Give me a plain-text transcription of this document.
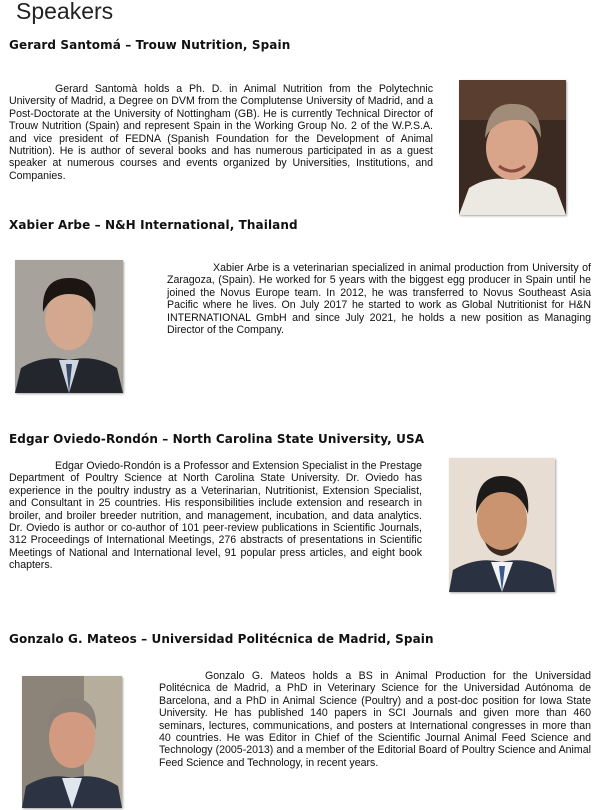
Speakers
Gerard Santomá – Trouw Nutrition, Spain

Gerard Santomà holds a Ph. D. in Animal Nutrition from the Polytechnic University of Madrid, a Degree on DVM from the Complutense University of Madrid, and a Post-Doctorate at the University of Nottingham (GB). He is currently Technical Director of Trouw Nutrition (Spain) and represent Spain in the Working Group No. 2 of the W.P.S.A. and vice president of FEDNA (Spanish Foundation for the Development of Animal Nutrition). He is author of several books and has numerous participated in as a guest speaker at numerous courses and events organized by Universities, Institutions, and Companies.

Xabier Arbe – N&H International, Thailand

Xabier Arbe is a veterinarian specialized in animal production from University of Zaragoza, (Spain). He worked for 5 years with the biggest egg producer in Spain until he joined the Novus Europe team. In 2012, he was transferred to Novus Southeast Asia Pacific where he lives. On July 2017 he started to work as Global Nutritionist for H&N INTERNATIONAL GmbH and since July 2021, he holds a new position as Managing Director of the Company.

Edgar Oviedo-Rondón – North Carolina State University, USA

Edgar Oviedo-Rondón is a Professor and Extension Specialist in the Prestage Department of Poultry Science at North Carolina State University. Dr. Oviedo has experience in the poultry industry as a Veterinarian, Nutritionist, Extension Specialist, and Consultant in 25 countries. His responsibilities include extension and research in broiler, and broiler breeder nutrition, and management, incubation, and data analytics. Dr. Oviedo is author or co-author of 101 peer-review publications in Scientific Journals, 312 Proceedings of International Meetings, 276 abstracts of presentations in Scientific Meetings of National and International level, 91 popular press articles, and eight book chapters.

Gonzalo G. Mateos – Universidad Politécnica de Madrid, Spain

Gonzalo G. Mateos holds a BS in Animal Production for the Universidad Politécnica de Madrid, a PhD in Veterinary Science for the Universidad Autónoma de Barcelona, and a PhD in Animal Science (Poultry) and a post-doc position for Iowa State University. He has published 140 papers in SCI Journals and given more than 460 seminars, lectures, communications, and posters at International congresses in more than 40 countries. He was Editor in Chief of the Scientific Journal Animal Feed Science and Technology (2005-2013) and a member of the Editorial Board of Poultry Science and Animal Feed Science and Technology, in recent years.
